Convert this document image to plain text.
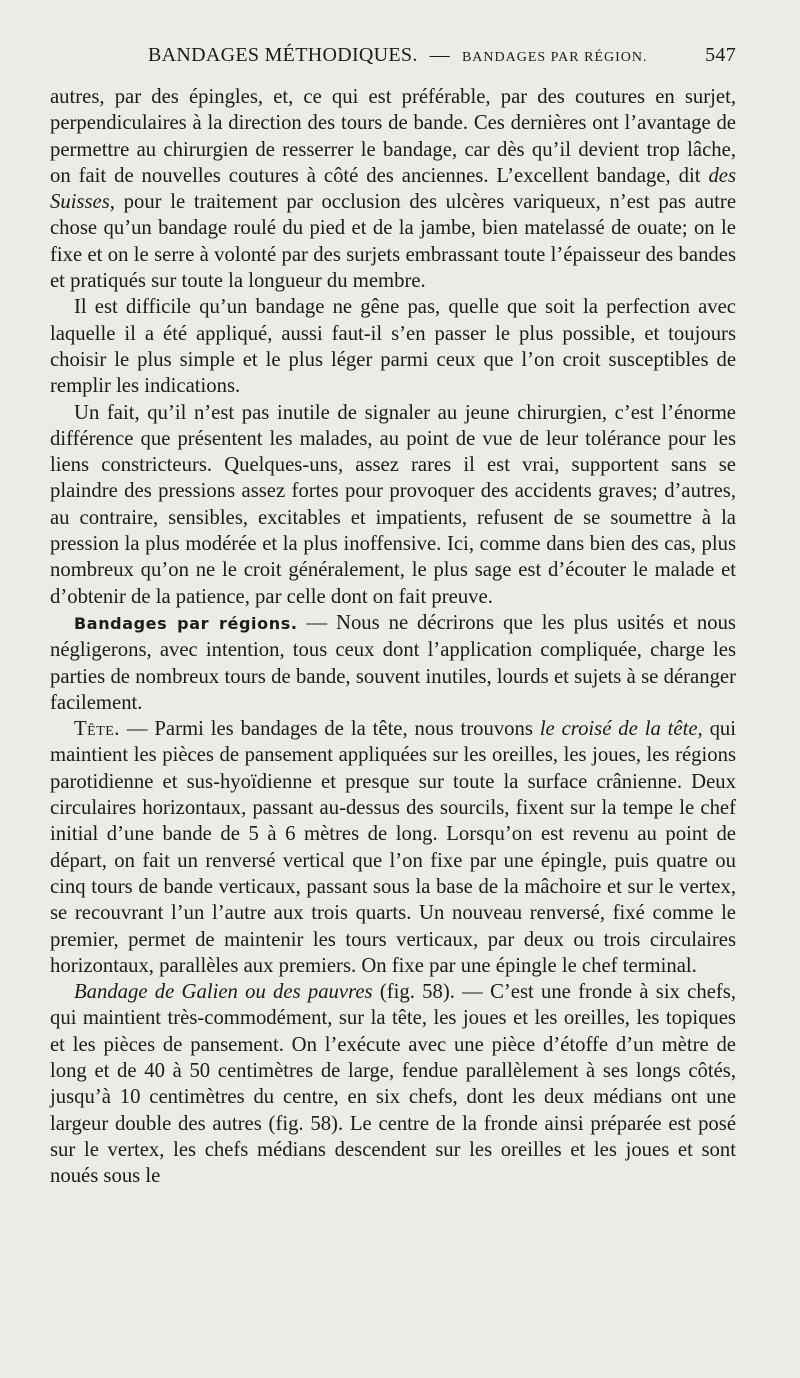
BANDAGES MÉTHODIQUES. — BANDAGES PAR RÉGION.	547

autres, par des épingles, et, ce qui est préférable, par des coutures en surjet, perpendiculaires à la direction des tours de bande. Ces dernières ont l’avantage de permettre au chirurgien de resserrer le bandage, car dès qu’il devient trop lâche, on fait de nouvelles coutures à côté des anciennes. L’excellent bandage, dit des Suisses, pour le traitement par occlusion des ulcères variqueux, n’est pas autre chose qu’un bandage roulé du pied et de la jambe, bien matelassé de ouate; on le fixe et on le serre à volonté par des surjets embrassant toute l’épaisseur des bandes et pratiqués sur toute la longueur du membre.

Il est difficile qu’un bandage ne gêne pas, quelle que soit la perfection avec laquelle il a été appliqué, aussi faut-il s’en passer le plus possible, et toujours choisir le plus simple et le plus léger parmi ceux que l’on croit susceptibles de remplir les indications.

Un fait, qu’il n’est pas inutile de signaler au jeune chirurgien, c’est l’énorme différence que présentent les malades, au point de vue de leur tolérance pour les liens constricteurs. Quelques-uns, assez rares il est vrai, supportent sans se plaindre des pressions assez fortes pour provoquer des accidents graves; d’autres, au contraire, sensibles, excitables et impatients, refusent de se soumettre à la pression la plus modérée et la plus inoffensive. Ici, comme dans bien des cas, plus nombreux qu’on ne le croit généralement, le plus sage est d’écouter le malade et d’obtenir de la patience, par celle dont on fait preuve.

Bandages par régions. — Nous ne décrirons que les plus usités et nous négligerons, avec intention, tous ceux dont l’application compliquée, charge les parties de nombreux tours de bande, souvent inutiles, lourds et sujets à se déranger facilement.

Tête. — Parmi les bandages de la tête, nous trouvons le croisé de la tête, qui maintient les pièces de pansement appliquées sur les oreilles, les joues, les régions parotidienne et sus-hyoïdienne et presque sur toute la surface crânienne. Deux circulaires horizontaux, passant au-dessus des sourcils, fixent sur la tempe le chef initial d’une bande de 5 à 6 mètres de long. Lorsqu’on est revenu au point de départ, on fait un renversé vertical que l’on fixe par une épingle, puis quatre ou cinq tours de bande verticaux, passant sous la base de la mâchoire et sur le vertex, se recouvrant l’un l’autre aux trois quarts. Un nouveau renversé, fixé comme le premier, permet de maintenir les tours verticaux, par deux ou trois circulaires horizontaux, parallèles aux premiers. On fixe par une épingle le chef terminal.

Bandage de Galien ou des pauvres (fig. 58). — C’est une fronde à six chefs, qui maintient très-commodément, sur la tête, les joues et les oreilles, les topiques et les pièces de pansement. On l’exécute avec une pièce d’étoffe d’un mètre de long et de 40 à 50 centimètres de large, fendue parallèlement à ses longs côtés, jusqu’à 10 centimètres du centre, en six chefs, dont les deux médians ont une largeur double des autres (fig. 58). Le centre de la fronde ainsi préparée est posé sur le vertex, les chefs médians descendent sur les oreilles et les joues et sont noués sous le
